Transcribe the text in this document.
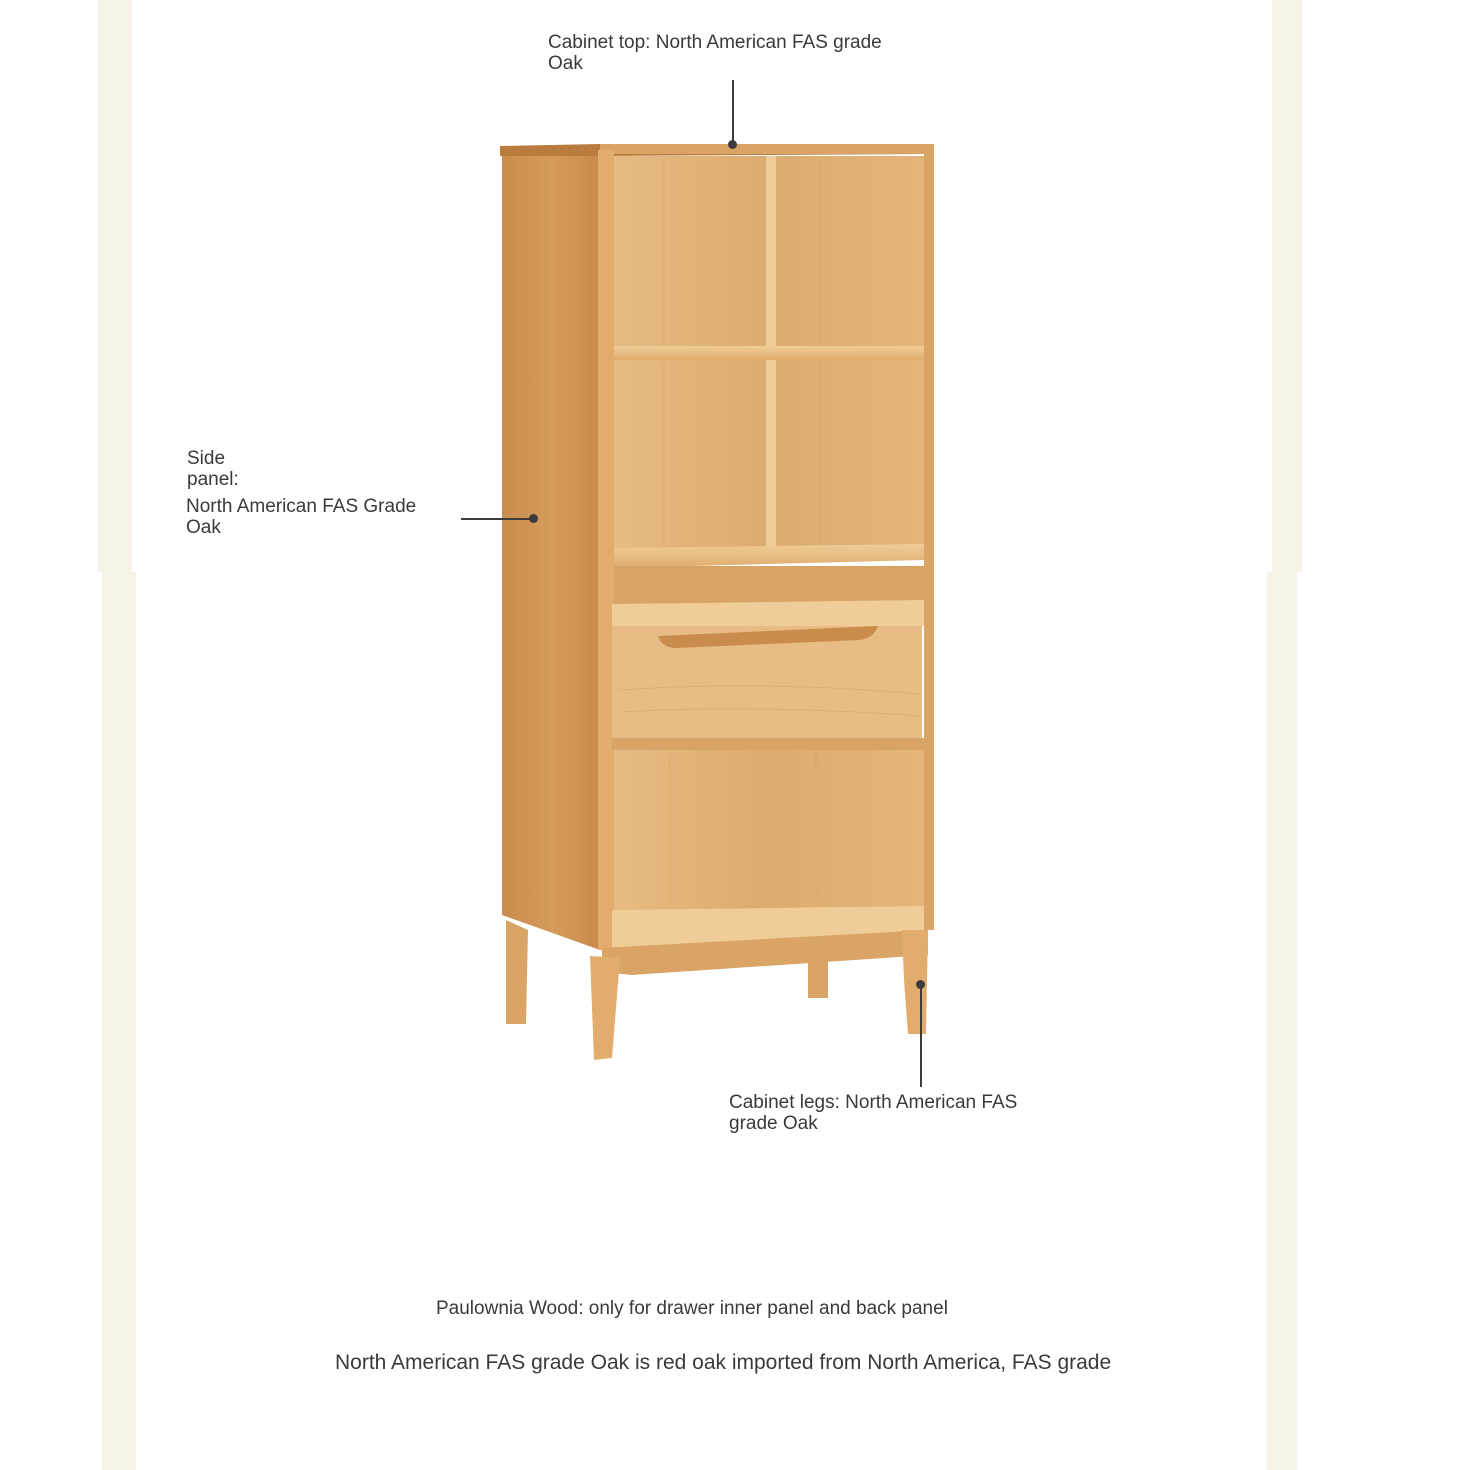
Cabinet top: North American FAS grade Oak
Side panel:
North American FAS Grade Oak
Cabinet legs: North American FAS grade Oak
Paulownia Wood: only for drawer inner panel and back panel
North American FAS grade Oak is red oak imported from North America, FAS grade
